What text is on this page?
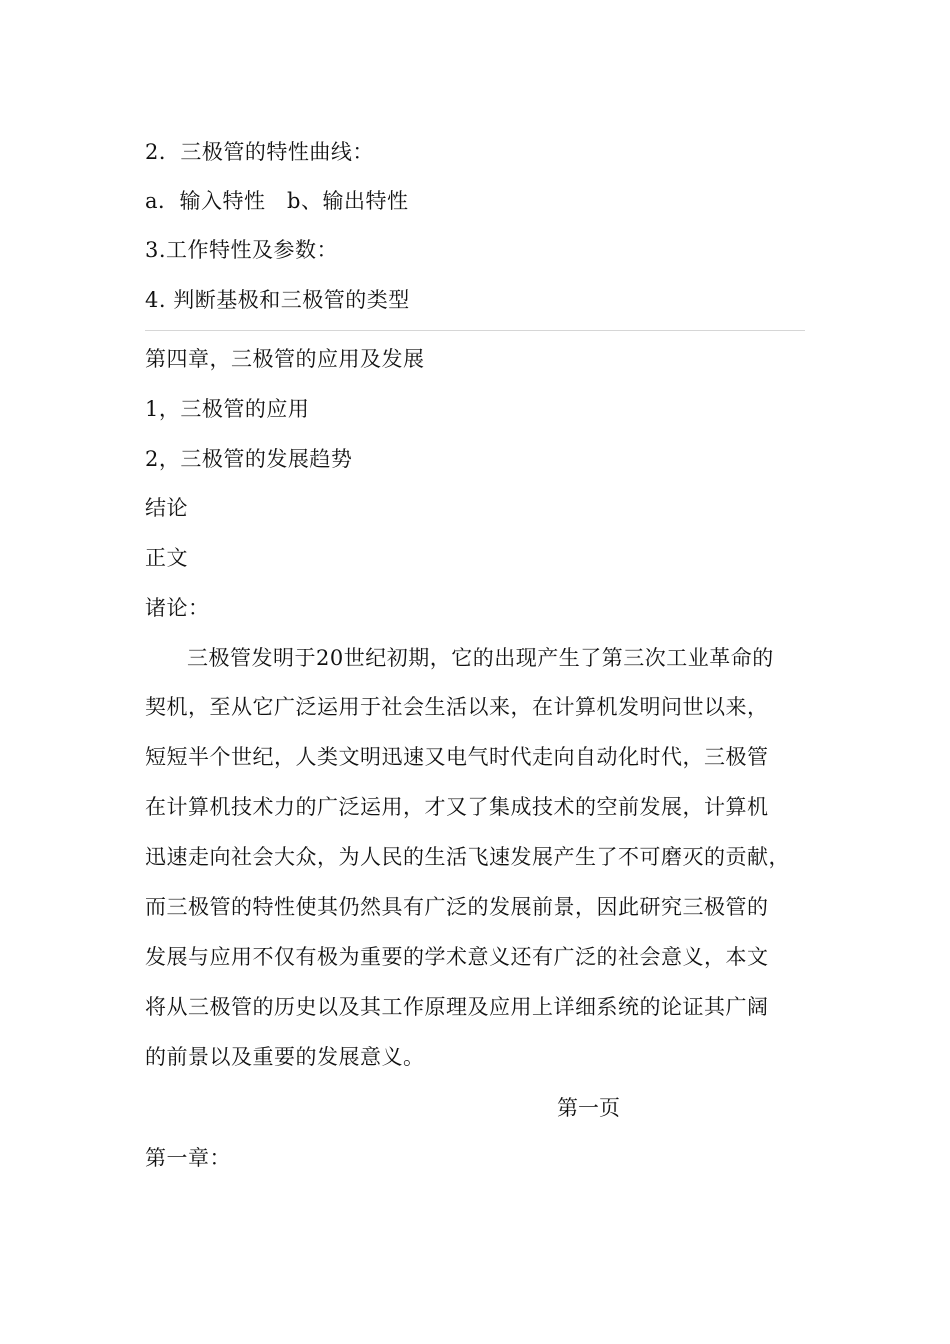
2．三极管的特性曲线：
a．输入特性　b、输出特性
3.工作特性及参数：
4. 判断基极和三极管的类型
第四章，三极管的应用及发展
1，三极管的应用
2，三极管的发展趋势
结论
正文
诸论：
三极管发明于20世纪初期，它的出现产生了第三次工业革命的
契机，至从它广泛运用于社会生活以来，在计算机发明问世以来，
短短半个世纪，人类文明迅速又电气时代走向自动化时代，三极管
在计算机技术力的广泛运用，才又了集成技术的空前发展，计算机
迅速走向社会大众，为人民的生活飞速发展产生了不可磨灭的贡献，
而三极管的特性使其仍然具有广泛的发展前景，因此研究三极管的
发展与应用不仅有极为重要的学术意义还有广泛的社会意义，本文
将从三极管的历史以及其工作原理及应用上详细系统的论证其广阔
的前景以及重要的发展意义。
第一页
第一章：
